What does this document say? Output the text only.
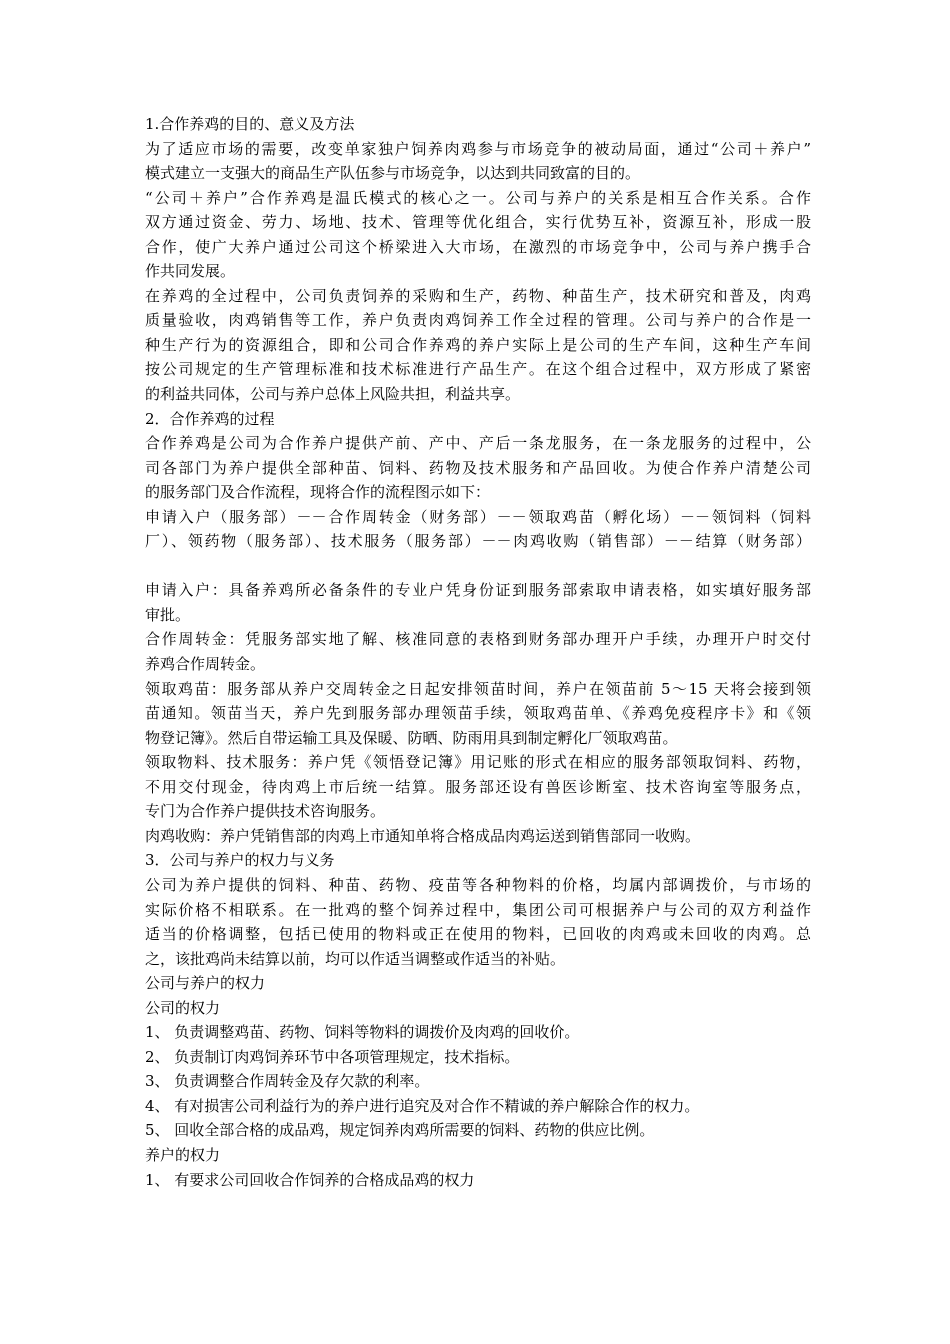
1.合作养鸡的目的、意义及方法
为了适应市场的需要，改变单家独户饲养肉鸡参与市场竞争的被动局面，通过“公司＋养户”
模式建立一支强大的商品生产队伍参与市场竞争，以达到共同致富的目的。
“公司＋养户”合作养鸡是温氏模式的核心之一。公司与养户的关系是相互合作关系。合作
双方通过资金、劳力、场地、技术、管理等优化组合，实行优势互补，资源互补，形成一股
合作，使广大养户通过公司这个桥梁进入大市场，在激烈的市场竞争中，公司与养户携手合
作共同发展。
在养鸡的全过程中，公司负责饲养的采购和生产，药物、种苗生产，技术研究和普及，肉鸡
质量验收，肉鸡销售等工作，养户负责肉鸡饲养工作全过程的管理。公司与养户的合作是一
种生产行为的资源组合，即和公司合作养鸡的养户实际上是公司的生产车间，这种生产车间
按公司规定的生产管理标准和技术标准进行产品生产。在这个组合过程中，双方形成了紧密
的利益共同体，公司与养户总体上风险共担，利益共享。
2．合作养鸡的过程
合作养鸡是公司为合作养户提供产前、产中、产后一条龙服务，在一条龙服务的过程中，公
司各部门为养户提供全部种苗、饲料、药物及技术服务和产品回收。为使合作养户清楚公司
的服务部门及合作流程，现将合作的流程图示如下：
申请入户（服务部）－－合作周转金（财务部）－－领取鸡苗（孵化场）－－领饲料（饲料
厂）、领药物（服务部）、技术服务（服务部）－－肉鸡收购（销售部）－－结算（财务部）
申请入户：具备养鸡所必备条件的专业户凭身份证到服务部索取申请表格，如实填好服务部
审批。
合作周转金：凭服务部实地了解、核准同意的表格到财务部办理开户手续，办理开户时交付
养鸡合作周转金。
领取鸡苗：服务部从养户交周转金之日起安排领苗时间，养户在领苗前 5～15 天将会接到领
苗通知。领苗当天，养户先到服务部办理领苗手续，领取鸡苗单、《养鸡免疫程序卡》和《领
物登记簿》。然后自带运输工具及保暖、防晒、防雨用具到制定孵化厂领取鸡苗。
领取物料、技术服务：养户凭《领悟登记簿》用记账的形式在相应的服务部领取饲料、药物，
不用交付现金，待肉鸡上市后统一结算。服务部还设有兽医诊断室、技术咨询室等服务点，
专门为合作养户提供技术咨询服务。
肉鸡收购：养户凭销售部的肉鸡上市通知单将合格成品肉鸡运送到销售部同一收购。
3．公司与养户的权力与义务
公司为养户提供的饲料、种苗、药物、疫苗等各种物料的价格，均属内部调拨价，与市场的
实际价格不相联系。在一批鸡的整个饲养过程中，集团公司可根据养户与公司的双方利益作
适当的价格调整，包括已使用的物料或正在使用的物料，已回收的肉鸡或未回收的肉鸡。总
之，该批鸡尚未结算以前，均可以作适当调整或作适当的补贴。
公司与养户的权力
公司的权力
1、 负责调整鸡苗、药物、饲料等物料的调拨价及肉鸡的回收价。
2、 负责制订肉鸡饲养环节中各项管理规定，技术指标。
3、 负责调整合作周转金及存欠款的利率。
4、 有对损害公司利益行为的养户进行追究及对合作不精诚的养户解除合作的权力。
5、 回收全部合格的成品鸡，规定饲养肉鸡所需要的饲料、药物的供应比例。
养户的权力
1、 有要求公司回收合作饲养的合格成品鸡的权力
